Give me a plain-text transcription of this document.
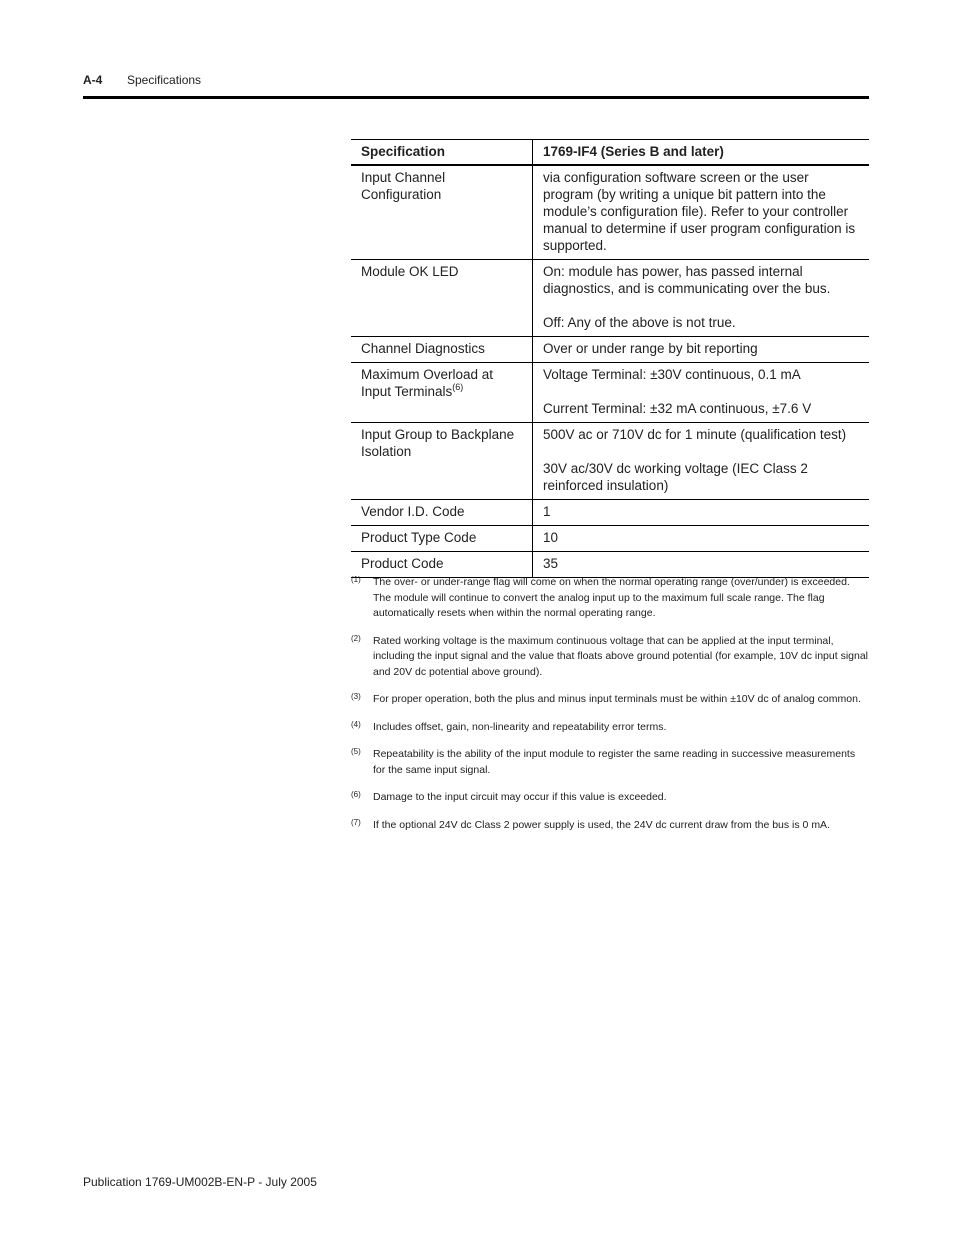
A-4 Specifications
Specification	1769-IF4 (Series B and later)
Input Channel Configuration	via configuration software screen or the user program (by writing a unique bit pattern into the module’s configuration file). Refer to your controller manual to determine if user program configuration is supported.

Module OK LED	On: module has power, has passed internal diagnostics, and is communicating over the bus.
Off: Any of the above is not true.

Channel Diagnostics	Over or under range by bit reporting

Maximum Overload at Input Terminals$^{(6)}$	Voltage Terminal: ±30V continuous, 0.1 mA
Current Terminal: ±32 mA continuous, ±7.6 V

Input Group to Backplane Isolation	500V ac or 710V dc for 1 minute (qualification test)
30V ac/30V dc working voltage (IEC Class 2 reinforced insulation)

Vendor I.D. Code	1

Product Type Code	10

Product Code	35
(1) The over- or under-range flag will come on when the normal operating range (over/under) is exceeded. The module will continue to convert the analog input up to the maximum full scale range. The flag automatically resets when within the normal operating range.
(2) Rated working voltage is the maximum continuous voltage that can be applied at the input terminal, including the input signal and the value that floats above ground potential (for example, 10V dc input signal and 20V dc potential above ground).
(3) For proper operation, both the plus and minus input terminals must be within ±10V dc of analog common.
(4) Includes offset, gain, non-linearity and repeatability error terms.
(5) Repeatability is the ability of the input module to register the same reading in successive measurements for the same input signal.
(6) Damage to the input circuit may occur if this value is exceeded.
(7) If the optional 24V dc Class 2 power supply is used, the 24V dc current draw from the bus is 0 mA.
Publication 1769-UM002B-EN-P - July 2005
